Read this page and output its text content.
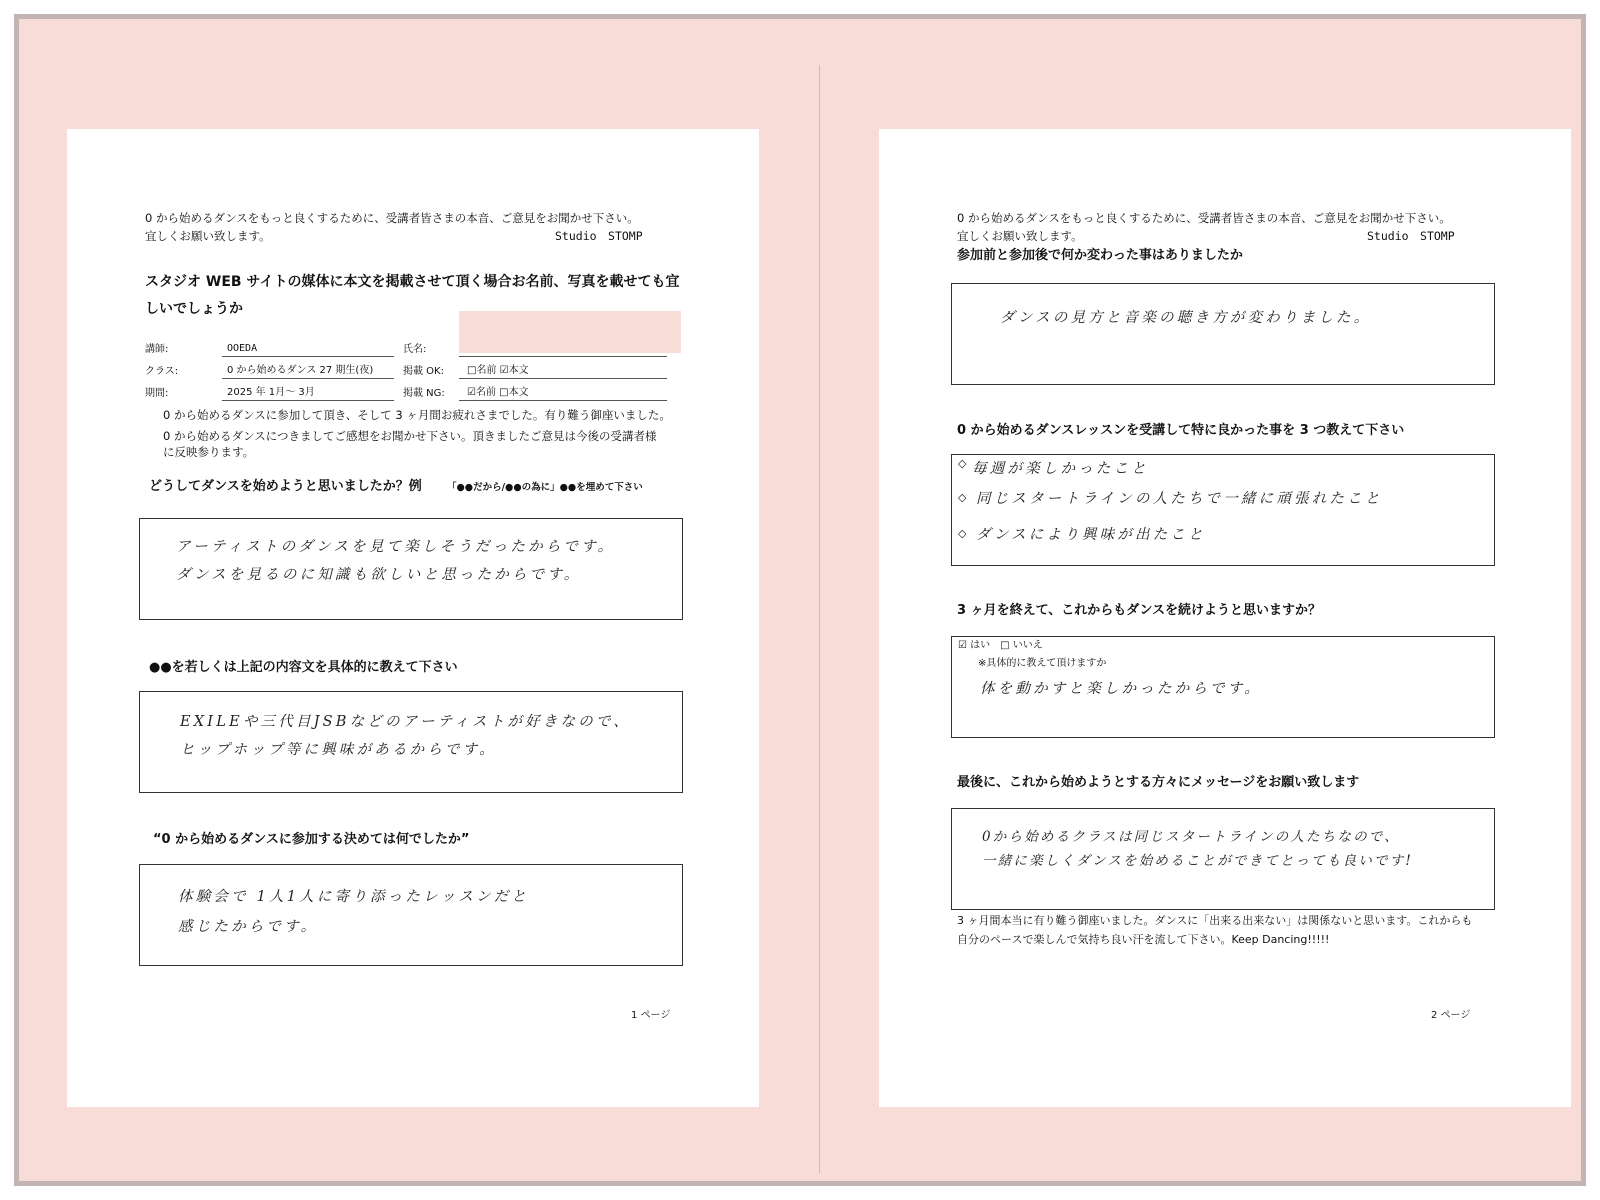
0 から始めるダンスをもっと良くするために、受講者皆さまの本音、ご意見をお聞かせ下さい。
宜しくお願い致します。	Studio　STOMP
スタジオ WEB サイトの媒体に本文を掲載させて頂く場合お名前、写真を載せても宜
しいでしょうか
講師:	OOEDA	氏名:
クラス:	0 から始めるダンス 27 期生(夜)	掲載 OK: □名前 ☑本文
期間:	2025 年 1月～ 3月	掲載 NG: ☑名前 □本文
0 から始めるダンスに参加して頂き、そして 3 ヶ月間お疲れさまでした。有り難う御座いました。
0 から始めるダンスにつきましてご感想をお聞かせ下さい。頂きましたご意見は今後の受講者様
に反映参ります。
どうしてダンスを始めようと思いましたか？例	「●●だから/●●の為に」●●を埋めて下さい
アーティストのダンスを見て楽しそうだったからです。
ダンスを見るのに知識も欲しいと思ったからです。
●●を若しくは上記の内容文を具体的に教えて下さい
EXILEや三代目JSBなどのアーティストが好きなので、
ヒップホップ等に興味があるからです。
“0 から始めるダンスに参加する決めては何でしたか”
体験会で 1人1人に寄り添ったレッスンだと
感じたからです。
1 ページ
0 から始めるダンスをもっと良くするために、受講者皆さまの本音、ご意見をお聞かせ下さい。
宜しくお願い致します。	Studio　STOMP
参加前と参加後で何か変わった事はありましたか
ダンスの見方と音楽の聴き方が変わりました。
0 から始めるダンスレッスンを受講して特に良かった事を 3 つ教えて下さい
◇ 毎週が楽しかったこと
◇ 同じスタートラインの人たちで一緒に頑張れたこと
◇ ダンスにより興味が出たこと
3 ヶ月を終えて、これからもダンスを続けようと思いますか？
☑ はい　□ いいえ
※具体的に教えて頂けますか
体を動かすと楽しかったからです。
最後に、これから始めようとする方々にメッセージをお願い致します
0から始めるクラスは同じスタートラインの人たちなので、
一緒に楽しくダンスを始めることができてとっても良いです!
3 ヶ月間本当に有り難う御座いました。ダンスに「出来る出来ない」は関係ないと思います。これからも
自分のペースで楽しんで気持ち良い汗を流して下さい。Keep Dancing!!!!!
2 ページ
